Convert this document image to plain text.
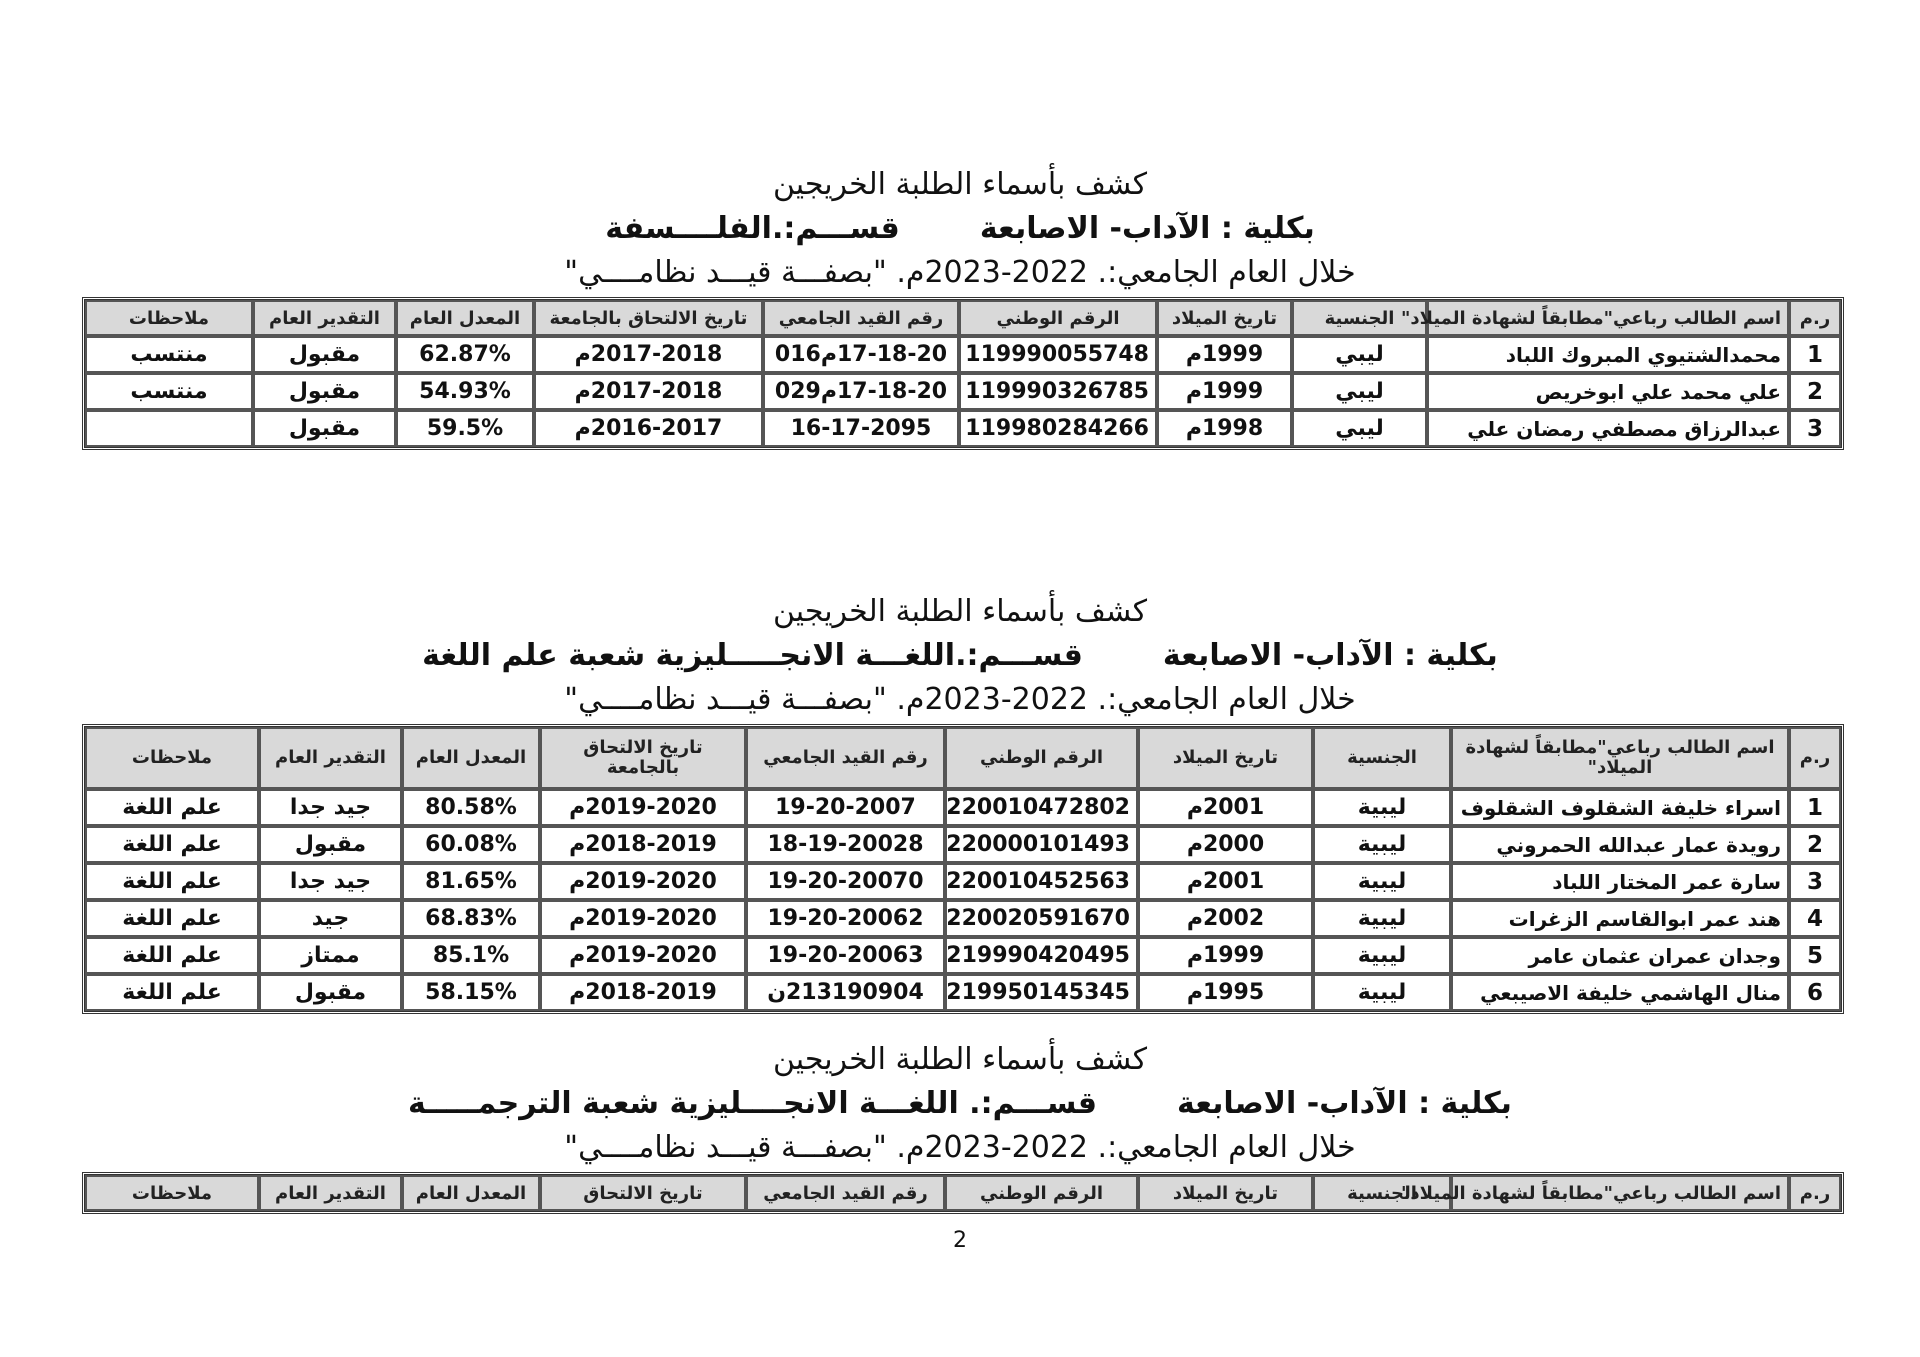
كشف بأسماء الطلبة الخريجين
بكلية : الآداب- الاصابعةقســـم:.الفلــــسفة
خلال العام الجامعي:. 2022-2023م. "بصفـــة قيـــد نظامــــي"
ر.م	اسم الطالب رباعي"مطابقاً لشهادة الميلاد"	الجنسية	تاريخ الميلاد	الرقم الوطني	رقم القيد الجامعي	تاريخ الالتحاق بالجامعة	المعدل العام	التقدير العام	ملاحظات
1	محمدالشتيوي المبروك اللباد	ليبي	1999م	119990055748	17-18-20م016	2017-2018م	62.87%	مقبول	منتسب
2	علي محمد علي ابوخريص	ليبي	1999م	119990326785	17-18-20م029	2017-2018م	54.93%	مقبول	منتسب
3	عبدالرزاق مصطفي رمضان علي	ليبي	1998م	119980284266	16-17-2095	2016-2017م	59.5%	مقبول	
كشف بأسماء الطلبة الخريجين
بكلية : الآداب- الاصابعةقســـم:.اللغـــة الانجـــــليزية شعبة علم اللغة
خلال العام الجامعي:. 2022-2023م. "بصفـــة قيـــد نظامــــي"
ر.م	اسم الطالب رباعي"مطابقاً لشهادة الميلاد"	الجنسية	تاريخ الميلاد	الرقم الوطني	رقم القيد الجامعي	تاريخ الالتحاق بالجامعة	المعدل العام	التقدير العام	ملاحظات
1	اسراء خليفة الشقلوف الشقلوف	ليبية	2001م	220010472802	19-20-2007	2019-2020م	80.58%	جيد جدا	علم اللغة
2	رويدة عمار عبدالله الحمروني	ليبية	2000م	220000101493	18-19-20028	2018-2019م	60.08%	مقبول	علم اللغة
3	سارة عمر المختار اللباد	ليبية	2001م	220010452563	19-20-20070	2019-2020م	81.65%	جيد جدا	علم اللغة
4	هند عمر ابوالقاسم الزغرات	ليبية	2002م	220020591670	19-20-20062	2019-2020م	68.83%	جيد	علم اللغة
5	وجدان عمران عثمان عامر	ليبية	1999م	219990420495	19-20-20063	2019-2020م	85.1%	ممتاز	علم اللغة
6	منال الهاشمي خليفة الاصيبعي	ليبية	1995م	219950145345	213190904ن	2018-2019م	58.15%	مقبول	علم اللغة
كشف بأسماء الطلبة الخريجين
بكلية : الآداب- الاصابعةقســـم:. اللغـــة الانجــــليزية شعبة الترجمـــــة
خلال العام الجامعي:. 2022-2023م. "بصفـــة قيـــد نظامــــي"
ر.م	اسم الطالب رباعي"مطابقاً لشهادة الميلاد"	الجنسية	تاريخ الميلاد	الرقم الوطني	رقم القيد الجامعي	تاريخ الالتحاق	المعدل العام	التقدير العام	ملاحظات
2
